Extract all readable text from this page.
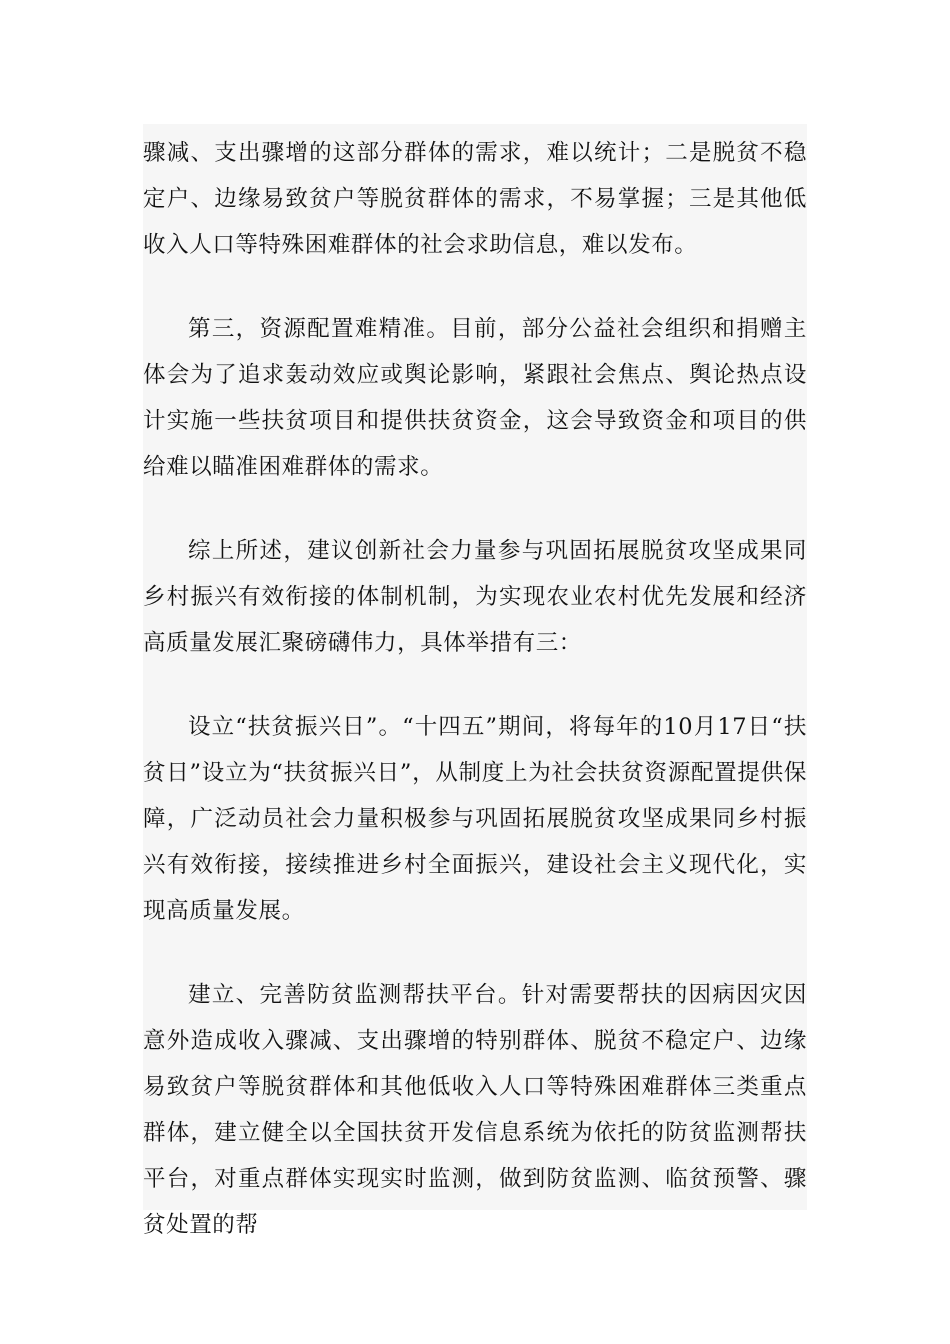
骤减、支出骤增的这部分群体的需求，难以统计；二是脱贫不稳定户、边缘易致贫户等脱贫群体的需求，不易掌握；三是其他低收入人口等特殊困难群体的社会求助信息，难以发布。

第三，资源配置难精准。目前，部分公益社会组织和捐赠主体会为了追求轰动效应或舆论影响，紧跟社会焦点、舆论热点设计实施一些扶贫项目和提供扶贫资金，这会导致资金和项目的供给难以瞄准困难群体的需求。

综上所述，建议创新社会力量参与巩固拓展脱贫攻坚成果同乡村振兴有效衔接的体制机制，为实现农业农村优先发展和经济高质量发展汇聚磅礴伟力，具体举措有三：

设立“扶贫振兴日”。“十四五”期间，将每年的10月17日“扶贫日”设立为“扶贫振兴日”，从制度上为社会扶贫资源配置提供保障，广泛动员社会力量积极参与巩固拓展脱贫攻坚成果同乡村振兴有效衔接，接续推进乡村全面振兴，建设社会主义现代化，实现高质量发展。

建立、完善防贫监测帮扶平台。针对需要帮扶的因病因灾因意外造成收入骤减、支出骤增的特别群体、脱贫不稳定户、边缘易致贫户等脱贫群体和其他低收入人口等特殊困难群体三类重点群体，建立健全以全国扶贫开发信息系统为依托的防贫监测帮扶平台，对重点群体实现实时监测，做到防贫监测、临贫预警、骤贫处置的帮
